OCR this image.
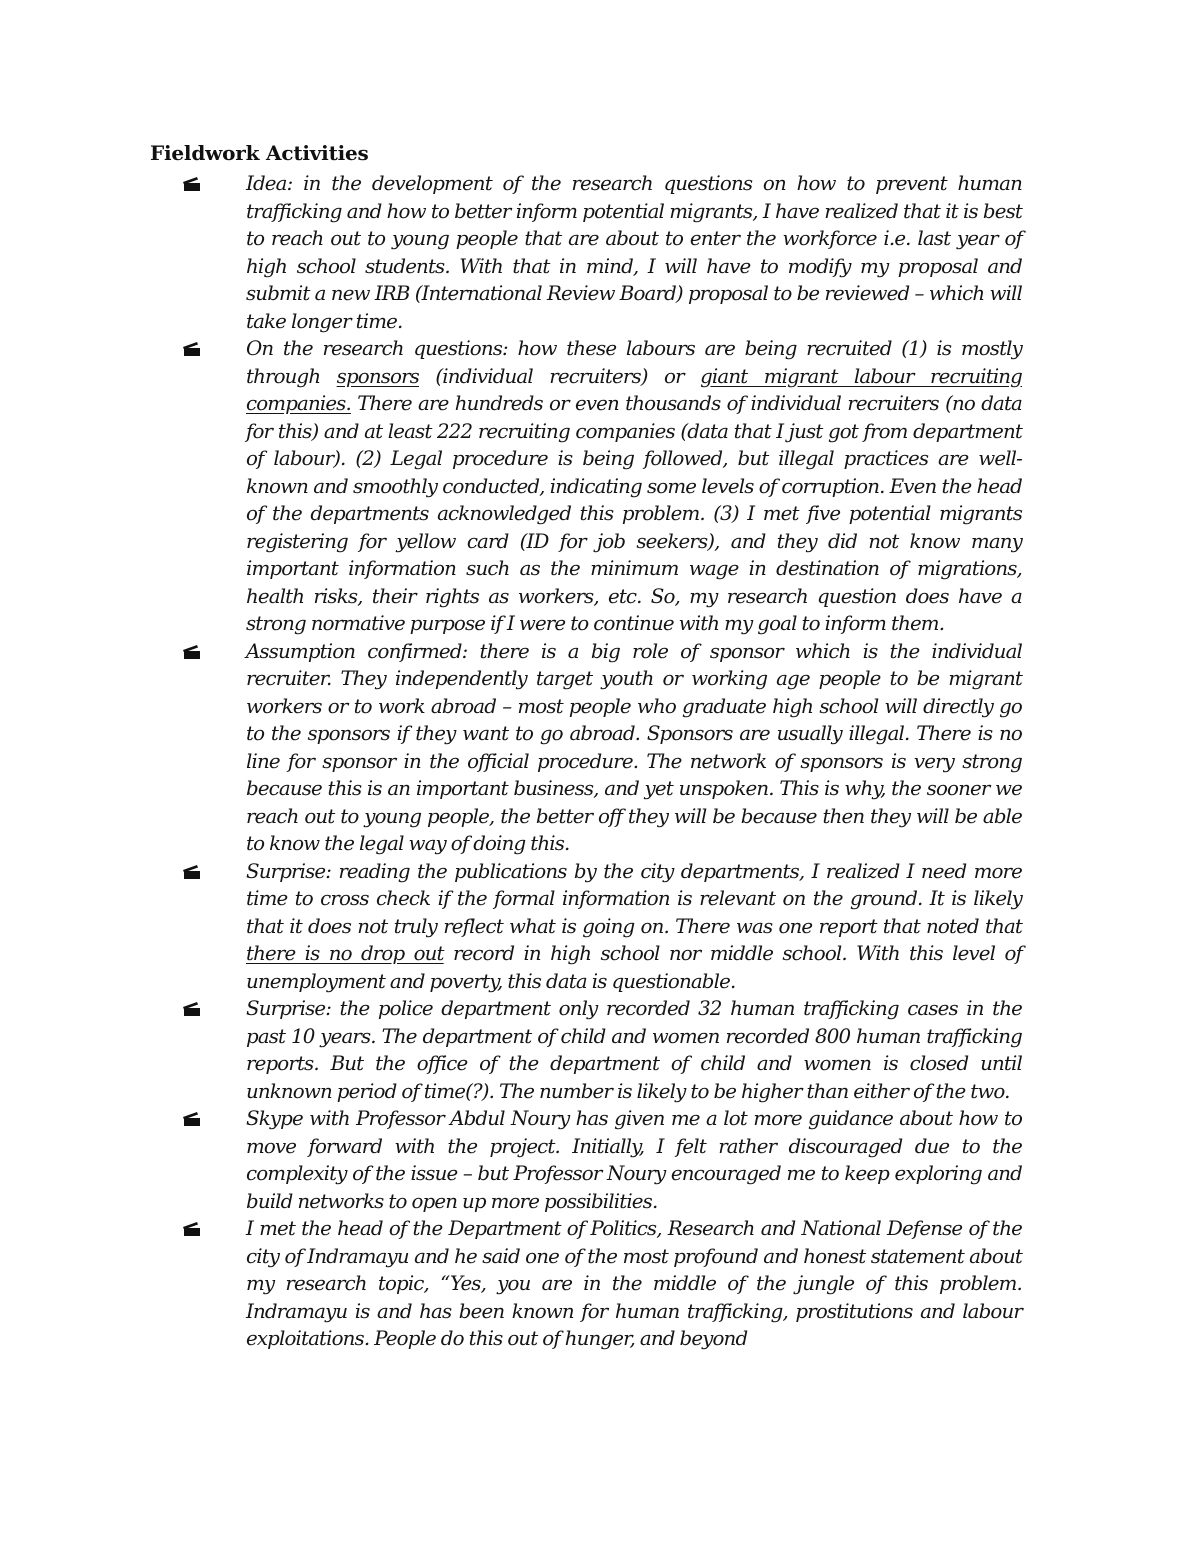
Fieldwork Activities
Idea: in the development of the research questions on how to prevent human trafficking and how to better inform potential migrants, I have realized that it is best to reach out to young people that are about to enter the workforce i.e. last year of high school students. With that in mind, I will have to modify my proposal and submit a new IRB (International Review Board) proposal to be reviewed – which will take longer time.
On the research questions: how these labours are being recruited (1) is mostly through sponsors (individual recruiters) or giant migrant labour recruiting companies. There are hundreds or even thousands of individual recruiters (no data for this) and at least 222 recruiting companies (data that I just got from department of labour). (2) Legal procedure is being followed, but illegal practices are well-known and smoothly conducted, indicating some levels of corruption. Even the head of the departments acknowledged this problem. (3) I met five potential migrants registering for yellow card (ID for job seekers), and they did not know many important information such as the minimum wage in destination of migrations, health risks, their rights as workers, etc. So, my research question does have a strong normative purpose if I were to continue with my goal to inform them.
Assumption confirmed: there is a big role of sponsor which is the individual recruiter. They independently target youth or working age people to be migrant workers or to work abroad – most people who graduate high school will directly go to the sponsors if they want to go abroad. Sponsors are usually illegal. There is no line for sponsor in the official procedure. The network of sponsors is very strong because this is an important business, and yet unspoken. This is why, the sooner we reach out to young people, the better off they will be because then they will be able to know the legal way of doing this.
Surprise: reading the publications by the city departments, I realized I need more time to cross check if the formal information is relevant on the ground. It is likely that it does not truly reflect what is going on. There was one report that noted that there is no drop out record in high school nor middle school. With this level of unemployment and poverty, this data is questionable.
Surprise: the police department only recorded 32 human trafficking cases in the past 10 years. The department of child and women recorded 800 human trafficking reports. But the office of the department of child and women is closed until unknown period of time(?). The number is likely to be higher than either of the two.
Skype with Professor Abdul Noury has given me a lot more guidance about how to move forward with the project. Initially, I felt rather discouraged due to the complexity of the issue – but Professor Noury encouraged me to keep exploring and build networks to open up more possibilities.
I met the head of the Department of Politics, Research and National Defense of the city of Indramayu and he said one of the most profound and honest statement about my research topic, “Yes, you are in the middle of the jungle of this problem. Indramayu is and has been known for human trafficking, prostitutions and labour exploitations. People do this out of hunger, and beyond
